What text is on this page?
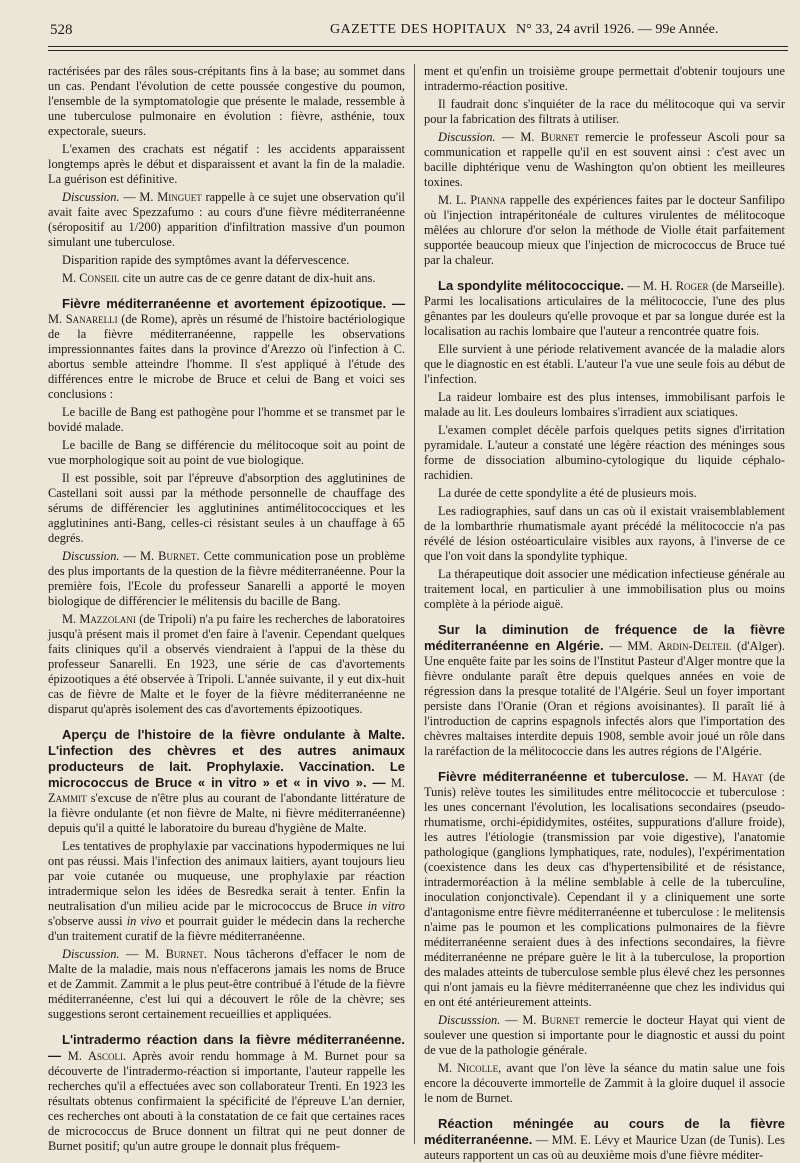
528	GAZETTE DES HOPITAUX N° 33, 24 avril 1926. — 99e Année.

ractérisées par des râles sous-crépitants fins à la base; au sommet dans un cas. Pendant l'évolution de cette poussée congestive du poumon, l'ensemble de la symptomatologie que présente le malade, ressemble à une tuberculose pulmonaire en évolution : fièvre, asthénie, toux expectorale, sueurs.

L'examen des crachats est négatif : les accidents apparaissent longtemps après le début et disparaissent et avant la fin de la maladie. La guérison est définitive.

Discussion. — M. Minguet rappelle à ce sujet une observation qu'il avait faite avec Spezzafumo : au cours d'une fièvre méditerranéenne (séropositif au 1/200) apparition d'infiltration massive d'un poumon simulant une tuberculose.

Disparition rapide des symptômes avant la défervescence.

M. Conseil cite un autre cas de ce genre datant de dix-huit ans.

Fièvre méditerranéenne et avortement épizootique. — M. Sanarelli (de Rome), après un résumé de l'histoire bactériologique de la fièvre méditerranéenne, rappelle les observations impressionnantes faites dans la province d'Arezzo où l'infection à C. abortus semble atteindre l'homme. Il s'est appliqué à l'étude des différences entre le microbe de Bruce et celui de Bang et voici ses conclusions :

Le bacille de Bang est pathogène pour l'homme et se transmet par le bovidé malade.

Le bacille de Bang se différencie du mélitocoque soit au point de vue morphologique soit au point de vue biologique.

Il est possible, soit par l'épreuve d'absorption des agglutinines de Castellani soit aussi par la méthode personnelle de chauffage des sérums de différencier les agglutinines antimélitococciques et les agglutinines anti-Bang, celles-ci résistant seules à un chauffage à 65 degrés.

Discussion. — M. Burnet. Cette communication pose un problème des plus importants de la question de la fièvre méditerranéenne. Pour la première fois, l'Ecole du professeur Sanarelli a apporté le moyen biologique de différencier le mélitensis du bacille de Bang.

M. Mazzolani (de Tripoli) n'a pu faire les recherches de laboratoires jusqu'à présent mais il promet d'en faire à l'avenir. Cependant quelques faits cliniques qu'il a observés viendraient à l'appui de la thèse du professeur Sanarelli. En 1923, une série de cas d'avortements épizootiques a été observée à Tripoli. L'année suivante, il y eut dix-huit cas de fièvre de Malte et le foyer de la fièvre méditerranéenne ne disparut qu'après isolement des cas d'avortements épizootiques.

Aperçu de l'histoire de la fièvre ondulante à Malte. L'infection des chèvres et des autres animaux producteurs de lait. Prophylaxie. Vaccination. Le micrococcus de Bruce « in vitro » et « in vivo ». — M. Zammit s'excuse de n'être plus au courant de l'abondante littérature de la fièvre ondulante (et non fièvre de Malte, ni fièvre méditerranéenne) depuis qu'il a quitté le laboratoire du bureau d'hygiène de Malte.

Les tentatives de prophylaxie par vaccinations hypodermiques ne lui ont pas réussi. Mais l'infection des animaux laitiers, ayant toujours lieu par voie cutanée ou muqueuse, une prophylaxie par réaction intradermique selon les idées de Besredka serait à tenter. Enfin la neutralisation d'un milieu acide par le micrococcus de Bruce in vitro s'observe aussi in vivo et pourrait guider le médecin dans la recherche d'un traitement curatif de la fièvre méditerranéenne.

Discussion. — M. Burnet. Nous tâcherons d'effacer le nom de Malte de la maladie, mais nous n'effacerons jamais les noms de Bruce et de Zammit. Zammit a le plus peut-être contribué à l'étude de la fièvre méditerranéenne, c'est lui qui a découvert le rôle de la chèvre; ses suggestions seront certainement recueillies et appliquées.

L'intradermo réaction dans la fièvre méditerranéenne. — M. Ascoli. Après avoir rendu hommage à M. Burnet pour sa découverte de l'intradermo-réaction si importante, l'auteur rappelle les recherches qu'il a effectuées avec son collaborateur Trenti. En 1923 les résultats obtenus confirmaient la spécificité de l'épreuve L'an dernier, ces recherches ont abouti à la constatation de ce fait que certaines races de micrococcus de Bruce donnent un filtrat qui ne peut donner de Burnet positif; qu'un autre groupe le donnait plus fréquem-

ment et qu'enfin un troisième groupe permettait d'obtenir toujours une intradermo-réaction positive.

Il faudrait donc s'inquiéter de la race du mélitocoque qui va servir pour la fabrication des filtrats à utiliser.

Discussion. — M. Burnet remercie le professeur Ascoli pour sa communication et rappelle qu'il en est souvent ainsi : c'est avec un bacille diphtérique venu de Washington qu'on obtient les meilleures toxines.

M. L. Pianna rappelle des expériences faites par le docteur Sanfilipo où l'injection intrapéritonéale de cultures virulentes de mélitocoque mêlées au chlorure d'or selon la méthode de Violle était parfaitement supportée beaucoup mieux que l'injection de micrococcus de Bruce tué par la chaleur.

La spondylite mélitococcique. — M. H. Roger (de Marseille). Parmi les localisations articulaires de la mélitococcie, l'une des plus gênantes par les douleurs qu'elle provoque et par sa longue durée est la localisation au rachis lombaire que l'auteur a rencontrée quatre fois.

Elle survient à une période relativement avancée de la maladie alors que le diagnostic en est établi. L'auteur l'a vue une seule fois au début de l'infection.

La raideur lombaire est des plus intenses, immobilisant parfois le malade au lit. Les douleurs lombaires s'irradient aux sciatiques.

L'examen complet décèle parfois quelques petits signes d'irritation pyramidale. L'auteur a constaté une légère réaction des méninges sous forme de dissociation albumino-cytologique du liquide céphalo-rachidien.

La durée de cette spondylite a été de plusieurs mois.

Les radiographies, sauf dans un cas où il existait vraisemblablement de la lombarthrie rhumatismale ayant précédé la mélitococcie n'a pas révélé de lésion ostéoarticulaire visibles aux rayons, à l'inverse de ce que l'on voit dans la spondylite typhique.

La thérapeutique doit associer une médication infectieuse générale au traitement local, en particulier à une immobilisation plus ou moins complète à la période aiguë.

Sur la diminution de fréquence de la fièvre méditerranéenne en Algérie. — MM. Ardin-Delteil (d'Alger). Une enquête faite par les soins de l'Institut Pasteur d'Alger montre que la fièvre ondulante paraît être depuis quelques années en voie de régression dans la presque totalité de l'Algérie. Seul un foyer important persiste dans l'Oranie (Oran et régions avoisinantes). Il paraît lié à l'introduction de caprins espagnols infectés alors que l'importation des chèvres maltaises interdite depuis 1908, semble avoir joué un rôle dans la raréfaction de la mélitococcie dans les autres régions de l'Algérie.

Fièvre méditerranéenne et tuberculose. — M. Hayat (de Tunis) relève toutes les similitudes entre mélitococcie et tuberculose : les unes concernant l'évolution, les localisations secondaires (pseudo-rhumatisme, orchi-épididymites, ostéites, suppurations d'allure froide), les autres l'étiologie (transmission par voie digestive), l'anatomie pathologique (ganglions lymphatiques, rate, nodules), l'expérimentation (coexistence dans les deux cas d'hypertensibilité et de résistance, intradermoréaction à la méline semblable à celle de la tuberculine, inoculation conjonctivale). Cependant il y a cliniquement une sorte d'antagonisme entre fièvre méditerranéenne et tuberculose : le melitensis n'aime pas le poumon et les complications pulmonaires de la fièvre méditerranéenne seraient dues à des infections secondaires, la fièvre méditerranéenne ne prépare guère le lit à la tuberculose, la proportion des malades atteints de tuberculose semble plus élevé chez les personnes qui n'ont jamais eu la fièvre méditerranéenne que chez les individus qui en ont été antérieurement atteints.

Discusssion. — M. Burnet remercie le docteur Hayat qui vient de soulever une question si importante pour le diagnostic et aussi du point de vue de la pathologie générale.

M. Nicolle, avant que l'on lève la séance du matin salue une fois encore la découverte immortelle de Zammit à la gloire duquel il associe le nom de Burnet.

Réaction méningée au cours de la fièvre méditerranéenne. — MM. E. Lévy et Maurice Uzan (de Tunis). Les auteurs rapportent un cas où au deuxième mois d'une fièvre méditer-
